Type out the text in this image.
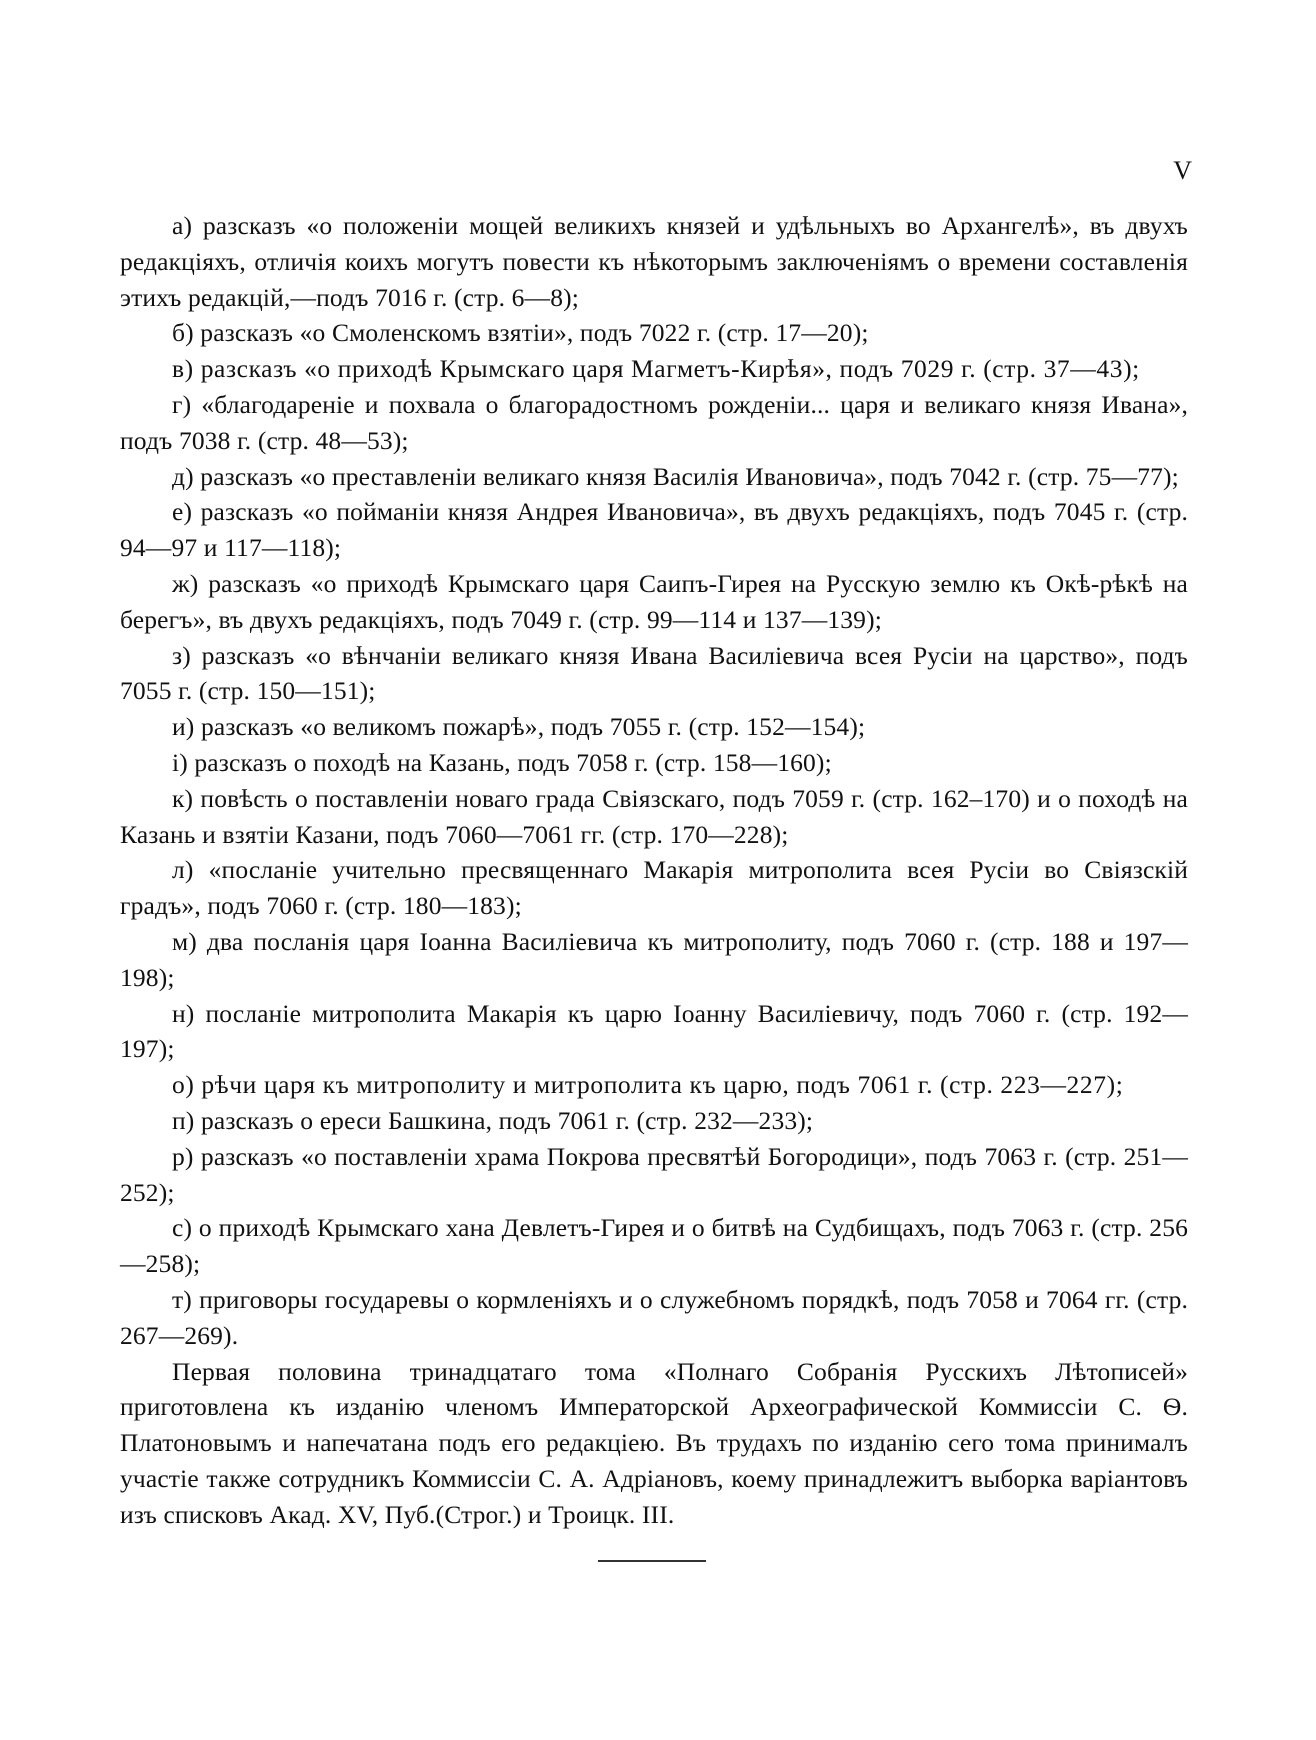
V

а) разсказъ «о положеніи мощей великихъ князей и удѣльныхъ во Архангелѣ», въ двухъ редакціяхъ, отличія коихъ могутъ повести къ нѣкоторымъ заключеніямъ о времени составленія этихъ редакцій,—подъ 7016 г. (стр. 6—8);

б) разсказъ «о Смоленскомъ взятіи», подъ 7022 г. (стр. 17—20);

в) разсказъ «о приходѣ Крымскаго царя Магметъ-Кирѣя», подъ 7029 г. (стр. 37—43);

г) «благодареніе и похвала о благорадостномъ рожденіи... царя и великаго князя Ивана», подъ 7038 г. (стр. 48—53);

д) разсказъ «о преставленіи великаго князя Василія Ивановича», подъ 7042 г. (стр. 75—77);

е) разсказъ «о пойманіи князя Андрея Ивановича», въ двухъ редакціяхъ, подъ 7045 г. (стр. 94—97 и 117—118);

ж) разсказъ «о приходѣ Крымскаго царя Саипъ-Гирея на Русскую землю къ Окѣ-рѣкѣ на берегъ», въ двухъ редакціяхъ, подъ 7049 г. (стр. 99—114 и 137—139);

з) разсказъ «о вѣнчаніи великаго князя Ивана Василіевича всея Русіи на царство», подъ 7055 г. (стр. 150—151);

и) разсказъ «о великомъ пожарѣ», подъ 7055 г. (стр. 152—154);

і) разсказъ о походѣ на Казань, подъ 7058 г. (стр. 158—160);

к) повѣсть о поставленіи новаго града Свіязскаго, подъ 7059 г. (стр. 162–170) и о походѣ на Казань и взятіи Казани, подъ 7060—7061 гг. (стр. 170—228);

л) «посланіе учительно пресвященнаго Макарія митрополита всея Русіи во Свіязскій градъ», подъ 7060 г. (стр. 180—183);

м) два посланія царя Іоанна Василіевича къ митрополиту, подъ 7060 г. (стр. 188 и 197—198);

н) посланіе митрополита Макарія къ царю Іоанну Василіевичу, подъ 7060 г. (стр. 192—197);

о) рѣчи царя къ митрополиту и митрополита къ царю, подъ 7061 г. (стр. 223—227);

п) разсказъ о ереси Башкина, подъ 7061 г. (стр. 232—233);

р) разсказъ «о поставленіи храма Покрова пресвятѣй Богородици», подъ 7063 г. (стр. 251—252);

с) о приходѣ Крымскаго хана Девлетъ-Гирея и о битвѣ на Судбищахъ, подъ 7063 г. (стр. 256—258);

т) приговоры государевы о кормленіяхъ и о служебномъ порядкѣ, подъ 7058 и 7064 гг. (стр. 267—269).

Первая половина тринадцатаго тома «Полнаго Собранія Русскихъ Лѣтописей» приготовлена къ изданію членомъ Императорской Археографической Коммиссіи С. Ѳ. Платоновымъ и напечатана подъ его редакціею. Въ трудахъ по изданію сего тома принималъ участіе также сотрудникъ Коммиссіи С. А. Адріановъ, коему принадлежитъ выборка варіантовъ изъ списковъ Акад. XV, Пуб.(Строг.) и Троицк. III.
